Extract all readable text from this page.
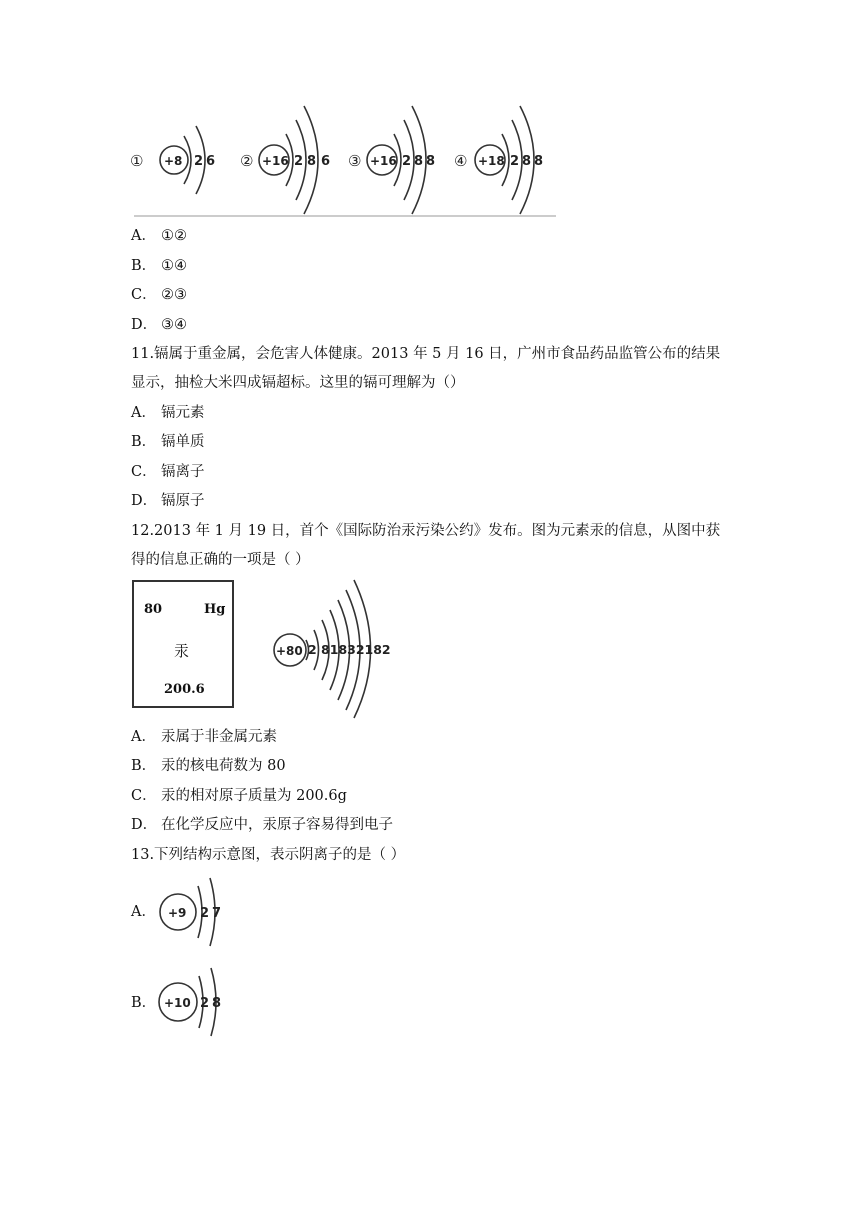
① +8 2 6 ② +16 2 8 6 ③ +16 2 8 8 ④ +18 2 8 8
A． ①②
B． ①④
C． ②③
D． ③④
11.镉属于重金属，会危害人体健康。2013 年 5 月 16 日，广州市食品药品监管公布的结果
显示，抽检大米四成镉超标。这里的镉可理解为（）
A． 镉元素
B． 镉单质
C． 镉离子
D． 镉原子
12.2013 年 1 月 19 日，首个《国际防治汞污染公约》发布。图为元素汞的信息，从图中获
得的信息正确的一项是（ ）
80	Hg
汞
200.6
+80 2 81832182
A． 汞属于非金属元素
B． 汞的核电荷数为 80
C． 汞的相对原子质量为 200.6g
D． 在化学反应中，汞原子容易得到电子
13.下列结构示意图，表示阴离子的是（ ）
A． +9 2 7
B． +10 2 8
